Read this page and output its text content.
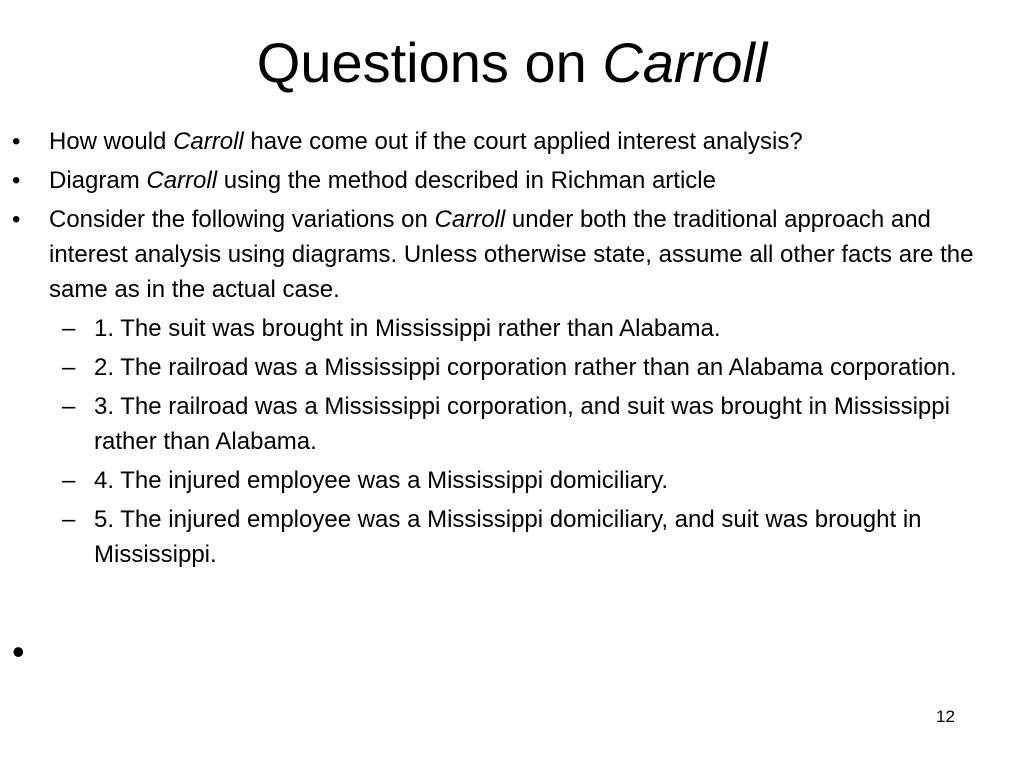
Questions on Carroll
• How would Carroll have come out if the court applied interest analysis?
• Diagram Carroll using the method described in Richman article
• Consider the following variations on Carroll under both the traditional approach and interest analysis using diagrams. Unless otherwise state, assume all other facts are the same as in the actual case.
– 1. The suit was brought in Mississippi rather than Alabama.
– 2. The railroad was a Mississippi corporation rather than an Alabama corporation.
– 3. The railroad was a Mississippi corporation, and suit was brought in Mississippi rather than Alabama.
– 4. The injured employee was a Mississippi domiciliary.
– 5. The injured employee was a Mississippi domiciliary, and suit was brought in Mississippi.
•
12
